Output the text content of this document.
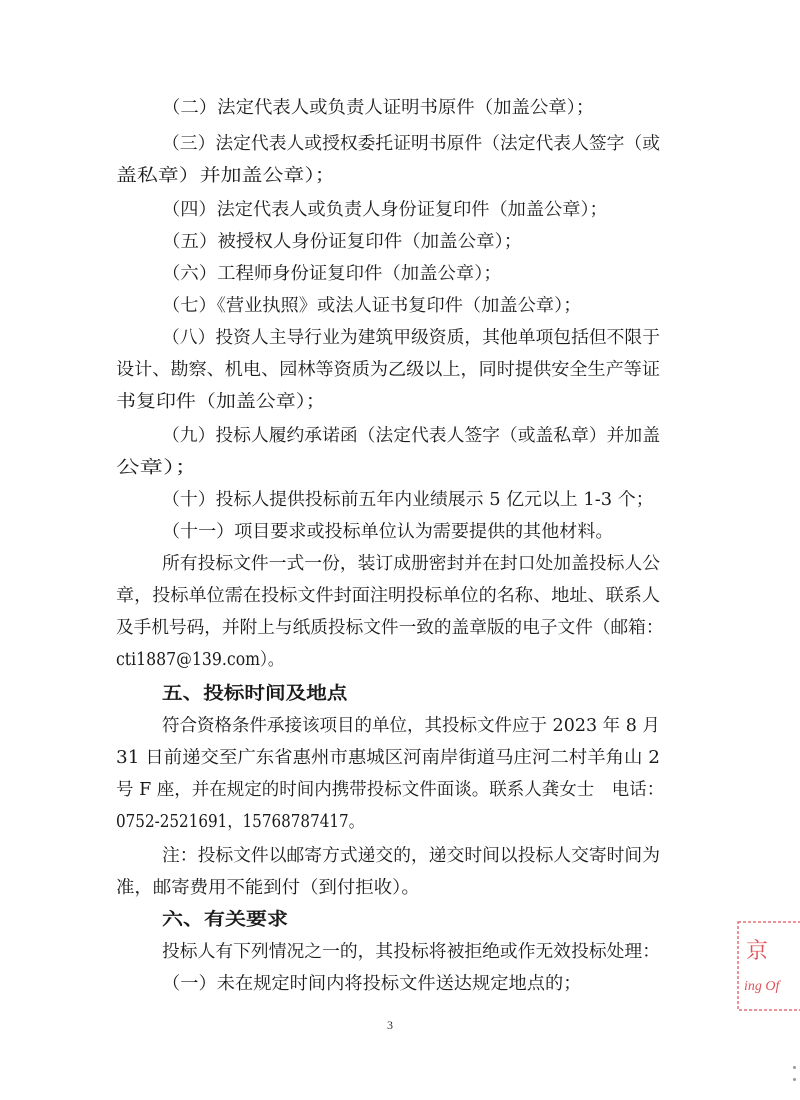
（二）法定代表人或负责人证明书原件（加盖公章）；
（三）法定代表人或授权委托证明书原件（法定代表人签字（或
盖私章）并加盖公章）；
（四）法定代表人或负责人身份证复印件（加盖公章）；
（五）被授权人身份证复印件（加盖公章）；
（六）工程师身份证复印件（加盖公章）；
（七）《营业执照》或法人证书复印件（加盖公章）；
（八）投资人主导行业为建筑甲级资质，其他单项包括但不限于
设计、勘察、机电、园林等资质为乙级以上，同时提供安全生产等证
书复印件（加盖公章）；
（九）投标人履约承诺函（法定代表人签字（或盖私章）并加盖
公章）；
（十）投标人提供投标前五年内业绩展示 5 亿元以上 1-3 个；
（十一）项目要求或投标单位认为需要提供的其他材料。
所有投标文件一式一份，装订成册密封并在封口处加盖投标人公
章，投标单位需在投标文件封面注明投标单位的名称、地址、联系人
及手机号码，并附上与纸质投标文件一致的盖章版的电子文件（邮箱：
cti1887@139.com）。
五、投标时间及地点
符合资格条件承接该项目的单位，其投标文件应于 2023 年 8 月
31 日前递交至广东省惠州市惠城区河南岸街道马庄河二村羊角山 2
号 F 座，并在规定的时间内携带投标文件面谈。联系人龚女士　电话：
0752-2521691，15768787417。
注：投标文件以邮寄方式递交的，递交时间以投标人交寄时间为
准，邮寄费用不能到付（到付拒收）。
六、有关要求
投标人有下列情况之一的，其投标将被拒绝或作无效投标处理：
（一）未在规定时间内将投标文件送达规定地点的；
3
京
ing Of
